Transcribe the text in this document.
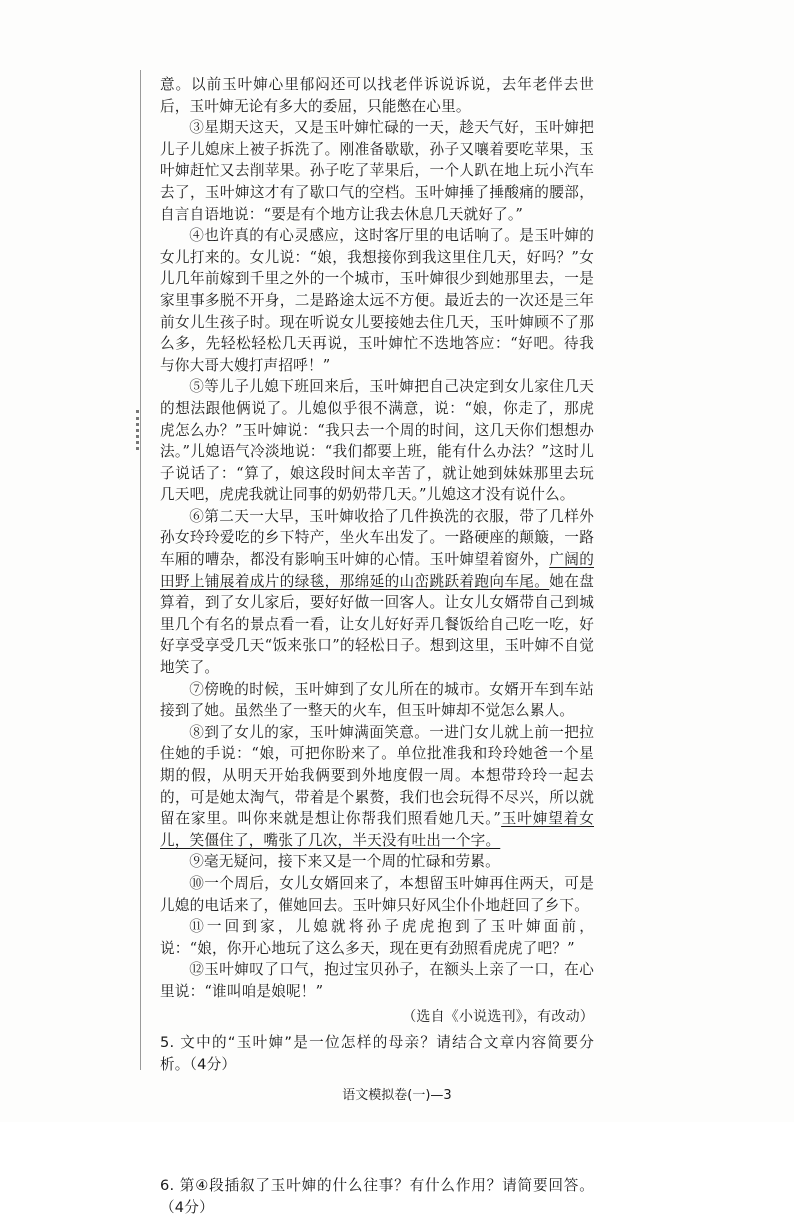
意。以前玉叶婶心里郁闷还可以找老伴诉说诉说，去年老伴去世后，玉叶婶无论有多大的委屈，只能憋在心里。

③星期天这天，又是玉叶婶忙碌的一天，趁天气好，玉叶婶把儿子儿媳床上被子拆洗了。刚准备歇歇，孙子又嚷着要吃苹果，玉叶婶赶忙又去削苹果。孙子吃了苹果后，一个人趴在地上玩小汽车去了，玉叶婶这才有了歇口气的空档。玉叶婶捶了捶酸痛的腰部，自言自语地说：“要是有个地方让我去休息几天就好了。”

④也许真的有心灵感应，这时客厅里的电话响了。是玉叶婶的女儿打来的。女儿说：“娘，我想接你到我这里住几天，好吗？”女儿几年前嫁到千里之外的一个城市，玉叶婶很少到她那里去，一是家里事多脱不开身，二是路途太远不方便。最近去的一次还是三年前女儿生孩子时。现在听说女儿要接她去住几天，玉叶婶顾不了那么多，先轻松轻松几天再说，玉叶婶忙不迭地答应：“好吧。待我与你大哥大嫂打声招呼！”

⑤等儿子儿媳下班回来后，玉叶婶把自己决定到女儿家住几天的想法跟他俩说了。儿媳似乎很不满意，说：“娘，你走了，那虎虎怎么办？”玉叶婶说：“我只去一个周的时间，这几天你们想想办法。”儿媳语气冷淡地说：“我们都要上班，能有什么办法？”这时儿子说话了：“算了，娘这段时间太辛苦了，就让她到妹妹那里去玩几天吧，虎虎我就让同事的奶奶带几天。”儿媳这才没有说什么。

⑥第二天一大早，玉叶婶收拾了几件换洗的衣服，带了几样外孙女玲玲爱吃的乡下特产，坐火车出发了。一路硬座的颠簸，一路车厢的嘈杂，都没有影响玉叶婶的心情。玉叶婶望着窗外，广阔的田野上铺展着成片的绿毯，那绵延的山峦跳跃着跑向车尾。她在盘算着，到了女儿家后，要好好做一回客人。让女儿女婿带自己到城里几个有名的景点看一看，让女儿好好弄几餐饭给自己吃一吃，好好享受享受几天“饭来张口”的轻松日子。想到这里，玉叶婶不自觉地笑了。

⑦傍晚的时候，玉叶婶到了女儿所在的城市。女婿开车到车站接到了她。虽然坐了一整天的火车，但玉叶婶却不觉怎么累人。

⑧到了女儿的家，玉叶婶满面笑意。一进门女儿就上前一把拉住她的手说：“娘，可把你盼来了。单位批准我和玲玲她爸一个星期的假，从明天开始我俩要到外地度假一周。本想带玲玲一起去的，可是她太淘气，带着是个累赘，我们也会玩得不尽兴，所以就留在家里。叫你来就是想让你帮我们照看她几天。”玉叶婶望着女儿，笑僵住了，嘴张了几次，半天没有吐出一个字。

⑨毫无疑问，接下来又是一个周的忙碌和劳累。

⑩一个周后，女儿女婿回来了，本想留玉叶婶再住两天，可是儿媳的电话来了，催她回去。玉叶婶只好风尘仆仆地赶回了乡下。

⑪一回到家，儿媳就将孙子虎虎抱到了玉叶婶面前，说：“娘，你开心地玩了这么多天，现在更有劲照看虎虎了吧？”

⑫玉叶婶叹了口气，抱过宝贝孙子，在额头上亲了一口，在心里说：“谁叫咱是娘呢！”

（选自《小说选刊》，有改动）

5. 文中的“玉叶婶”是一位怎样的母亲？请结合文章内容简要分析。（4分）

6. 第④段插叙了玉叶婶的什么往事？有什么作用？请简要回答。（4分）

语文模拟卷(一)—3
